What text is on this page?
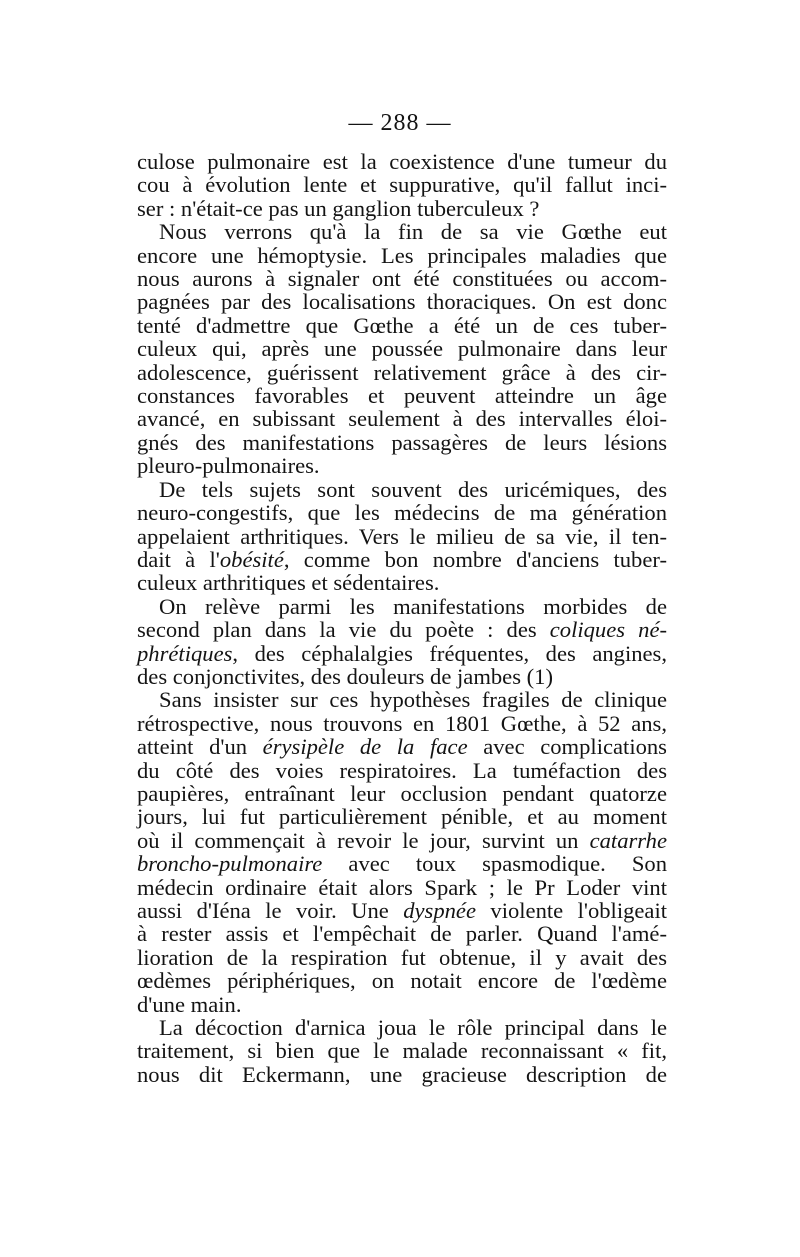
— 288 —
culose pulmonaire est la coexistence d'une tumeur du
cou à évolution lente et suppurative, qu'il fallut inci-
ser : n'était-ce pas un ganglion tuberculeux ?
Nous verrons qu'à la fin de sa vie Gœthe eut
encore une hémoptysie. Les principales maladies que
nous aurons à signaler ont été constituées ou accom-
pagnées par des localisations thoraciques. On est donc
tenté d'admettre que Gœthe a été un de ces tuber-
culeux qui, après une poussée pulmonaire dans leur
adolescence, guérissent relativement grâce à des cir-
constances favorables et peuvent atteindre un âge
avancé, en subissant seulement à des intervalles éloi-
gnés des manifestations passagères de leurs lésions
pleuro-pulmonaires.
De tels sujets sont souvent des uricémiques, des
neuro-congestifs, que les médecins de ma génération
appelaient arthritiques. Vers le milieu de sa vie, il ten-
dait à l'obésité, comme bon nombre d'anciens tuber-
culeux arthritiques et sédentaires.
On relève parmi les manifestations morbides de
second plan dans la vie du poète : des coliques né-
phrétiques, des céphalalgies fréquentes, des angines,
des conjonctivites, des douleurs de jambes (1)
Sans insister sur ces hypothèses fragiles de clinique
rétrospective, nous trouvons en 1801 Gœthe, à 52 ans,
atteint d'un érysipèle de la face avec complications
du côté des voies respiratoires. La tuméfaction des
paupières, entraînant leur occlusion pendant quatorze
jours, lui fut particulièrement pénible, et au moment
où il commençait à revoir le jour, survint un catarrhe
broncho-pulmonaire avec toux spasmodique. Son
médecin ordinaire était alors Spark ; le Pr Loder vint
aussi d'Iéna le voir. Une dyspnée violente l'obligeait
à rester assis et l'empêchait de parler. Quand l'amé-
lioration de la respiration fut obtenue, il y avait des
œdèmes périphériques, on notait encore de l'œdème
d'une main.
La décoction d'arnica joua le rôle principal dans le
traitement, si bien que le malade reconnaissant « fit,
nous dit Eckermann, une gracieuse description de
